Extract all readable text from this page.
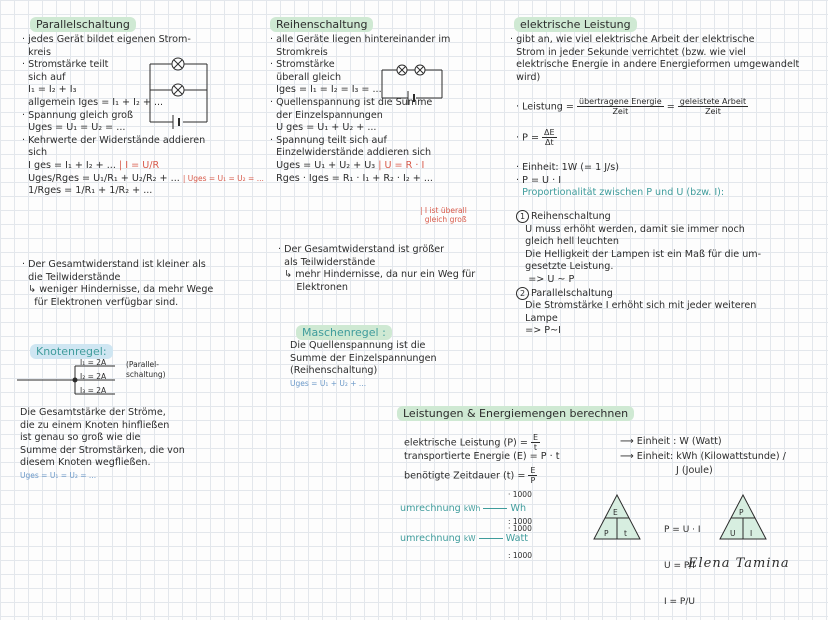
Parallelschaltung

· jedes Gerät bildet eigenen Strom-

kreis

· Stromstärke teilt

sich auf

I₁ = I₂ + I₃

allgemein Iges = I₁ + I₂ + ...

· Spannung gleich groß

Uges = U₁ = U₂ = ...

· Kehrwerte der Widerstände addieren

sich

I ges = I₁ + I₂ + ... | I = U/R

Uges/Rges = U₁/R₁ + U₂/R₂ + ... | Uges = U₁ = U₂ = ...

1/Rges = 1/R₁ + 1/R₂ + ...

· Der Gesamtwiderstand ist kleiner als

die Teilwiderstände

↳ weniger Hindernisse, da mehr Wege

für Elektronen verfügbar sind.

Knotenregel:
I₁ = 2A
I₂ = 2A
I₃ = 2A
(Parallel-
schaltung)

Die Gesamtstärke der Ströme,

die zu einem Knoten hinfließen

ist genau so groß wie die

Summe der Stromstärken, die von

diesem Knoten wegfließen.

Uges = U₁ = U₂ = ...

Reihenschaltung

· alle Geräte liegen hintereinander im

Stromkreis

· Stromstärke

überall gleich

Iges = I₁ = I₂ = I₃ = ...

· Quellenspannung ist die Summe

der Einzelspannungen

U ges = U₁ + U₂ + ...

· Spannung teilt sich auf

Einzelwiderstände addieren sich

Uges = U₁ + U₂ + U₃ | U = R · I

Rges · Iges = R₁ · I₁ + R₂ · I₂ + ...

| I ist überall
gleich groß

· Der Gesamtwiderstand ist größer

als Teilwiderstände

↳ mehr Hindernisse, da nur ein Weg für

Elektronen

Maschenregel :

Die Quellenspannung ist die

Summe der Einzelspannungen

(Reihenschaltung)

Uges = U₁ + U₂ + ...

elektrische Leistung

· gibt an, wie viel elektrische Arbeit der elektrische

Strom in jeder Sekunde verrichtet (bzw. wie viel

elektrische Energie in andere Energieformen umgewandelt

wird)

· Leistung = übertragene Energie
Zeit	= geleistete Arbeit
Zeit
· $P = \frac{\Delta E}{\Delta t}$

· Einheit: 1W (= 1 J/s)

· P = U · I

Proportionalität zwischen P und U (bzw. I):

1 Reihenschaltung

U muss erhöht werden, damit sie immer noch

gleich hell leuchten

Die Helligkeit der Lampen ist ein Maß für die um-

gesetzte Leistung.

=> U ~ P

2 Parallelschaltung

Die Stromstärke I erhöht sich mit jeder weiteren

Lampe

=> P~I

Leistungen & Energiemengen berechnen
elektrische Leistung $(P) = \frac{E}{t}$	⟶ Einheit : W (Watt)
transportierte Energie (E) = P · t	⟶ Einheit: kWh (Kilowattstunde) /
J (Joule)
benötigte Zeitdauer $(t) = \frac{E}{P}$
umrechnung kWh	Wh
· 1000
: 1000
umrechnung kW	Watt
· 1000
: 1000
E
P t

	P = U · I

U = P/I

I = P/U

P
U I
Elena Tamina
